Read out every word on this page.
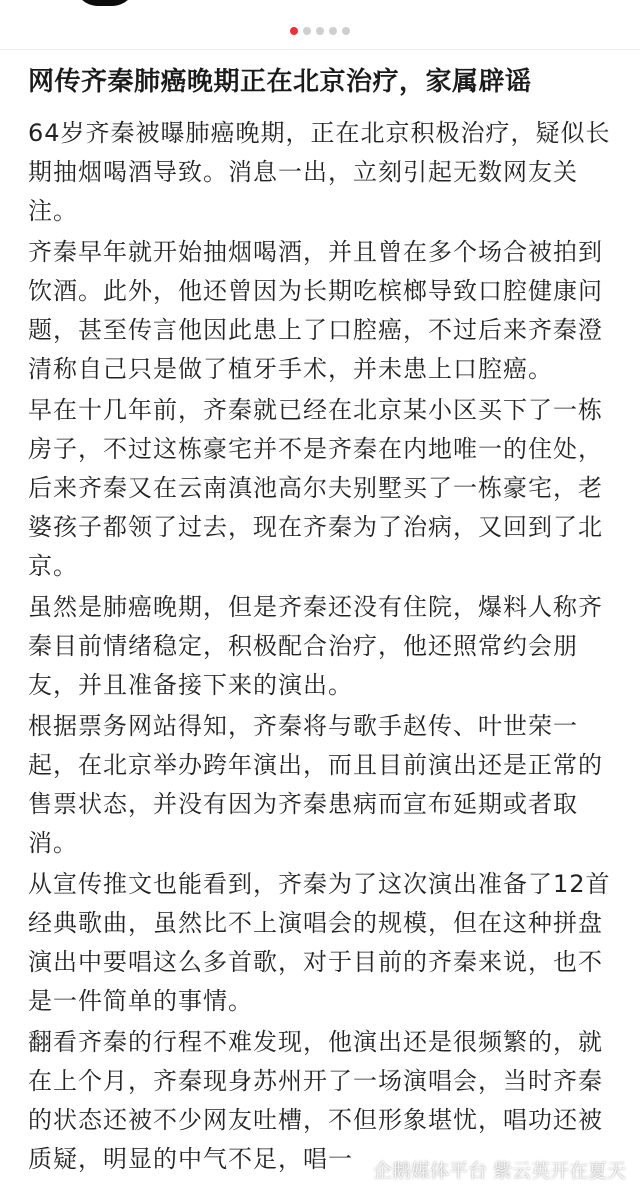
网传齐秦肺癌晚期正在北京治疗，家属辟谣

64岁齐秦被曝肺癌晚期，正在北京积极治疗，疑似长期抽烟喝酒导致。消息一出，立刻引起无数网友关注。

齐秦早年就开始抽烟喝酒，并且曾在多个场合被拍到饮酒。此外，他还曾因为长期吃槟榔导致口腔健康问题，甚至传言他因此患上了口腔癌，不过后来齐秦澄清称自己只是做了植牙手术，并未患上口腔癌。

早在十几年前，齐秦就已经在北京某小区买下了一栋房子，不过这栋豪宅并不是齐秦在内地唯一的住处，后来齐秦又在云南滇池高尔夫别墅买了一栋豪宅，老婆孩子都领了过去，现在齐秦为了治病，又回到了北京。

虽然是肺癌晚期，但是齐秦还没有住院，爆料人称齐秦目前情绪稳定，积极配合治疗，他还照常约会朋友，并且准备接下来的演出。

根据票务网站得知，齐秦将与歌手赵传、叶世荣一起，在北京举办跨年演出，而且目前演出还是正常的售票状态，并没有因为齐秦患病而宣布延期或者取消。

从宣传推文也能看到，齐秦为了这次演出准备了12首经典歌曲，虽然比不上演唱会的规模，但在这种拼盘演出中要唱这么多首歌，对于目前的齐秦来说，也不是一件简单的事情。

翻看齐秦的行程不难发现，他演出还是很频繁的，就在上个月，齐秦现身苏州开了一场演唱会，当时齐秦的状态还被不少网友吐槽，不但形象堪忧，唱功还被质疑，明显的中气不足，唱一	企鹅媒体平台 紫云英开在夏天
